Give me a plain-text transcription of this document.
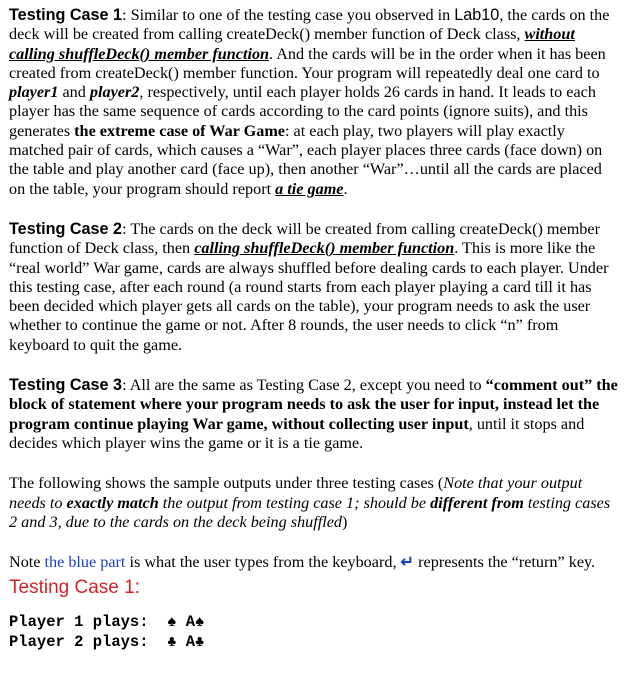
Testing Case 1: Similar to one of the testing case you observed in Lab10, the cards on the deck will be created from calling createDeck() member function of Deck class, without calling shuffleDeck() member function. And the cards will be in the order when it has been created from createDeck() member function. Your program will repeatedly deal one card to player1 and player2, respectively, until each player holds 26 cards in hand. It leads to each player has the same sequence of cards according to the card points (ignore suits), and this generates the extreme case of War Game: at each play, two players will play exactly matched pair of cards, which causes a “War”, each player places three cards (face down) on the table and play another card (face up), then another “War”…until all the cards are placed on the table, your program should report a tie game.

Testing Case 2: The cards on the deck will be created from calling createDeck() member function of Deck class, then calling shuffleDeck() member function. This is more like the “real world” War game, cards are always shuffled before dealing cards to each player. Under this testing case, after each round (a round starts from each player playing a card till it has been decided which player gets all cards on the table), your program needs to ask the user whether to continue the game or not. After 8 rounds, the user needs to click “n” from keyboard to quit the game.

Testing Case 3: All are the same as Testing Case 2, except you need to “comment out” the block of statement where your program needs to ask the user for input, instead let the program continue playing War game, without collecting user input, until it stops and decides which player wins the game or it is a tie game.

The following shows the sample outputs under three testing cases (Note that your output needs to exactly match the output from testing case 1; should be different from testing cases 2 and 3, due to the cards on the deck being shuffled)

Note the blue part is what the user types from the keyboard, ↵ represents the “return” key.

Testing Case 1:
Player 1 plays:  ♠ A♠
Player 2 plays:  ♣ A♣
